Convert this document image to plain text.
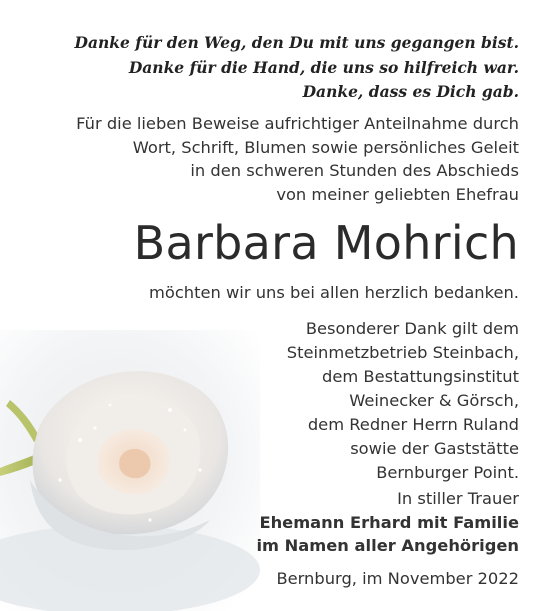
Danke für den Weg, den Du mit uns gegangen bist.
Danke für die Hand, die uns so hilfreich war.
Danke, dass es Dich gab.
Für die lieben Beweise aufrichtiger Anteilnahme durch
Wort, Schrift, Blumen sowie persönliches Geleit
in den schweren Stunden des Abschieds
von meiner geliebten Ehefrau
Barbara Mohrich
möchten wir uns bei allen herzlich bedanken.
Besonderer Dank gilt dem
Steinmetzbetrieb Steinbach,
dem Bestattungsinstitut
Weinecker & Görsch,
dem Redner Herrn Ruland
sowie der Gaststätte
Bernburger Point.
In stiller Trauer
Ehemann Erhard mit Familie
im Namen aller Angehörigen
Bernburg, im November 2022
